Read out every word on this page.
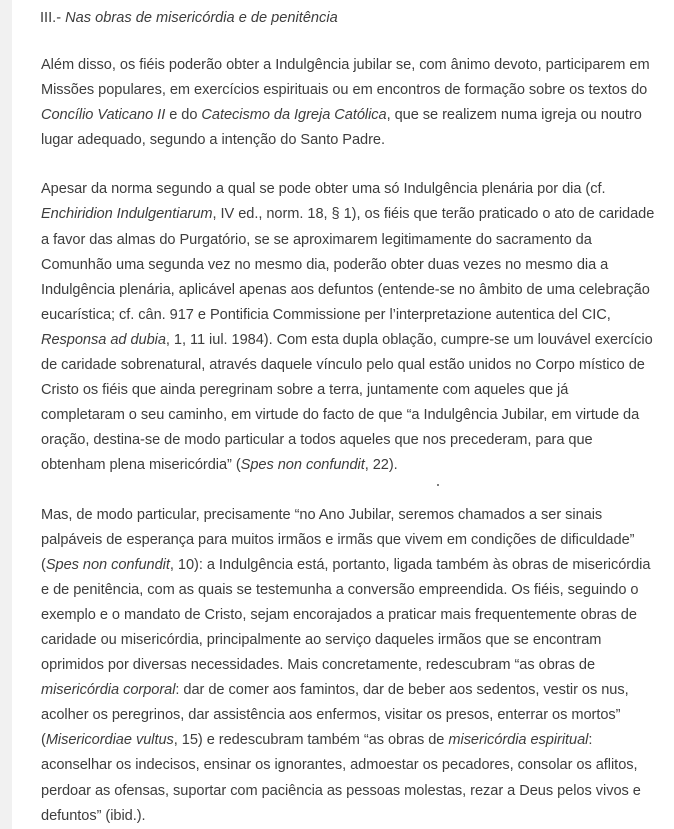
III.- Nas obras de misericórdia e de penitência
Além disso, os fiéis poderão obter a Indulgência jubilar se, com ânimo devoto, participarem em
Missões populares, em exercícios espirituais ou em encontros de formação sobre os textos do
Concílio Vaticano II e do Catecismo da Igreja Católica, que se realizem numa igreja ou noutro
lugar adequado, segundo a intenção do Santo Padre.
Apesar da norma segundo a qual se pode obter uma só Indulgência plenária por dia (cf.
Enchiridion Indulgentiarum, IV ed., norm. 18, § 1), os fiéis que terão praticado o ato de caridade
a favor das almas do Purgatório, se se aproximarem legitimamente do sacramento da
Comunhão uma segunda vez no mesmo dia, poderão obter duas vezes no mesmo dia a
Indulgência plenária, aplicável apenas aos defuntos (entende-se no âmbito de uma celebração
eucarística; cf. cân. 917 e Pontificia Commissione per l’interpretazione autentica del CIC,
Responsa ad dubia, 1, 11 iul. 1984). Com esta dupla oblação, cumpre-se um louvável exercício
de caridade sobrenatural, através daquele vínculo pelo qual estão unidos no Corpo místico de
Cristo os fiéis que ainda peregrinam sobre a terra, juntamente com aqueles que já
completaram o seu caminho, em virtude do facto de que “a Indulgência Jubilar, em virtude da
oração, destina-se de modo particular a todos aqueles que nos precederam, para que
obtenham plena misericórdia” (Spes non confundit, 22).
Mas, de modo particular, precisamente “no Ano Jubilar, seremos chamados a ser sinais
palpáveis de esperança para muitos irmãos e irmãs que vivem em condições de dificuldade”
(Spes non confundit, 10): a Indulgência está, portanto, ligada também às obras de misericórdia
e de penitência, com as quais se testemunha a conversão empreendida. Os fiéis, seguindo o
exemplo e o mandato de Cristo, sejam encorajados a praticar mais frequentemente obras de
caridade ou misericórdia, principalmente ao serviço daqueles irmãos que se encontram
oprimidos por diversas necessidades. Mais concretamente, redescubram “as obras de
misericórdia corporal: dar de comer aos famintos, dar de beber aos sedentos, vestir os nus,
acolher os peregrinos, dar assistência aos enfermos, visitar os presos, enterrar os mortos”
(Misericordiae vultus, 15) e redescubram também “as obras de misericórdia espiritual:
aconselhar os indecisos, ensinar os ignorantes, admoestar os pecadores, consolar os aflitos,
perdoar as ofensas, suportar com paciência as pessoas molestas, rezar a Deus pelos vivos e
defuntos” (ibid.).
